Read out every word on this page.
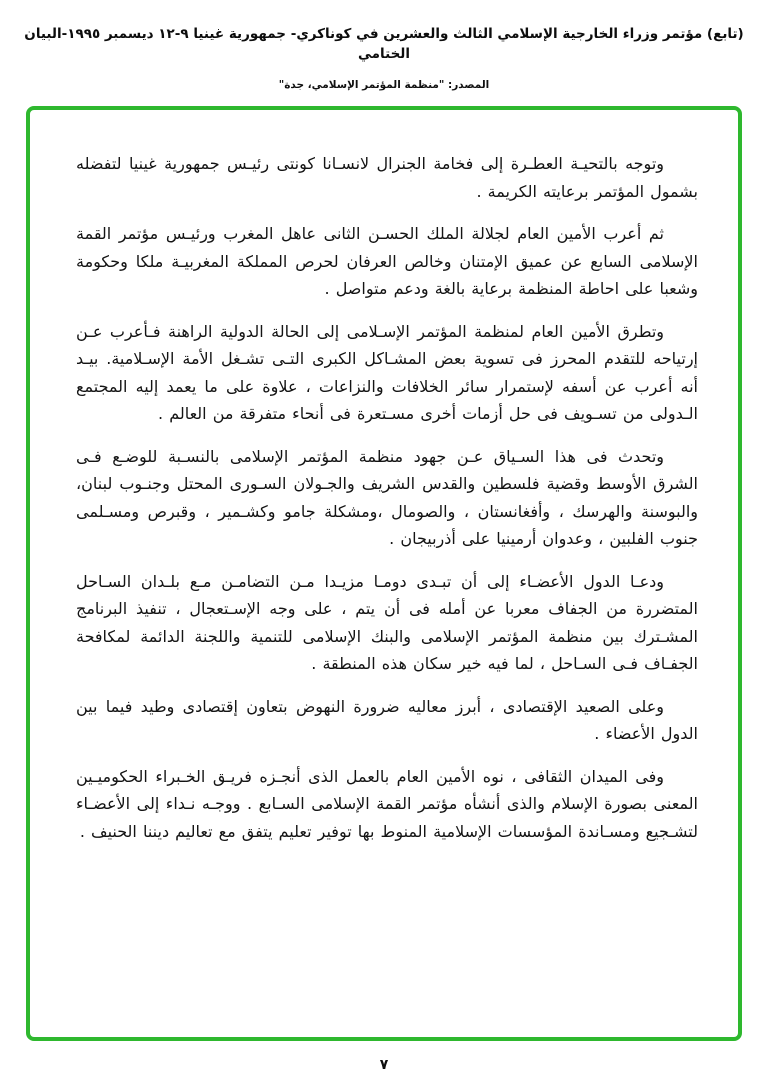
(تابع) مؤتمر وزراء الخارجية الإسلامي الثالث والعشرين في كوناكري- جمهورية غينيا ٩-١٢ ديسمبر ١٩٩٥-البيان الختامي
المصدر: "منظمة المؤتمر الإسلامي، جدة"

وتوجه بالتحيـة العطـرة إلى فخامة الجنرال لانسـانا كونتى رئيـس جمهورية غينيا لتفضله بشمول المؤتمر برعايته الكريمة .

ثم أعرب الأمين العام لجلالة الملك الحسـن الثانى عاهل المغرب ورئيـس مؤتمر القمة الإسلامى السابع عن عميق الإمتنان وخالص العرفان لحرص المملكة المغربيـة ملكا وحكومة وشعبا على احاطة المنظمة برعاية بالغة ودعم متواصل .

وتطرق الأمين العام لمنظمة المؤتمر الإسـلامى إلى الحالة الدولية الراهنة فـأعرب عـن إرتياحه للتقدم المحرز فى تسوية بعض المشـاكل الكبرى التـى تشـغل الأمة الإسـلامية. بيـد أنه أعرب عن أسفه لإستمرار سائر الخلافات والنزاعات ، علاوة على ما يعمد إليه المجتمع الـدولى من تسـويف فى حل أزمات أخرى مسـتعرة فى أنحاء متفرقة من العالم .

وتحدث فى هذا السـياق عـن جهود منظمة المؤتمر الإسلامى بالنسـبة للوضـع فـى الشرق الأوسط وقضية فلسطين والقدس الشريف والجـولان السـورى المحتل وجنـوب لبنان، والبوسنة والهرسك ، وأفغانستان ، والصومال ،ومشكلة جامو وكشـمير ، وقبرص ومسـلمى جنوب الفلبين ، وعدوان أرمينيا على أذربيجان .

ودعـا الدول الأعضـاء إلى أن تبـدى دومـا مزيـدا مـن التضامـن مـع بلـدان السـاحل المتضررة من الجفاف معربا عن أمله فى أن يتم ، على وجه الإسـتعجال ، تنفيذ البرنامج المشـترك بين منظمة المؤتمر الإسلامى والبنك الإسلامى للتنمية واللجنة الدائمة لمكافحة الجفـاف فـى السـاحل ، لما فيه خير سكان هذه المنطقة .

وعلى الصعيد الإقتصادى ، أبرز معاليه ضرورة النهوض بتعاون إقتصادى وطيد فيما بين الدول الأعضاء .

وفى الميدان الثقافى ، نوه الأمين العام بالعمل الذى أنجـزه فريـق الخـبراء الحكوميـين المعنى بصورة الإسلام والذى أنشأه مؤتمر القمة الإسلامى السـابع . ووجـه نـداء إلى الأعضـاء لتشـجيع ومسـاندة المؤسسات الإسلامية المنوط بها توفير تعليم يتفق مع تعاليم ديننا الحنيف .

٧
